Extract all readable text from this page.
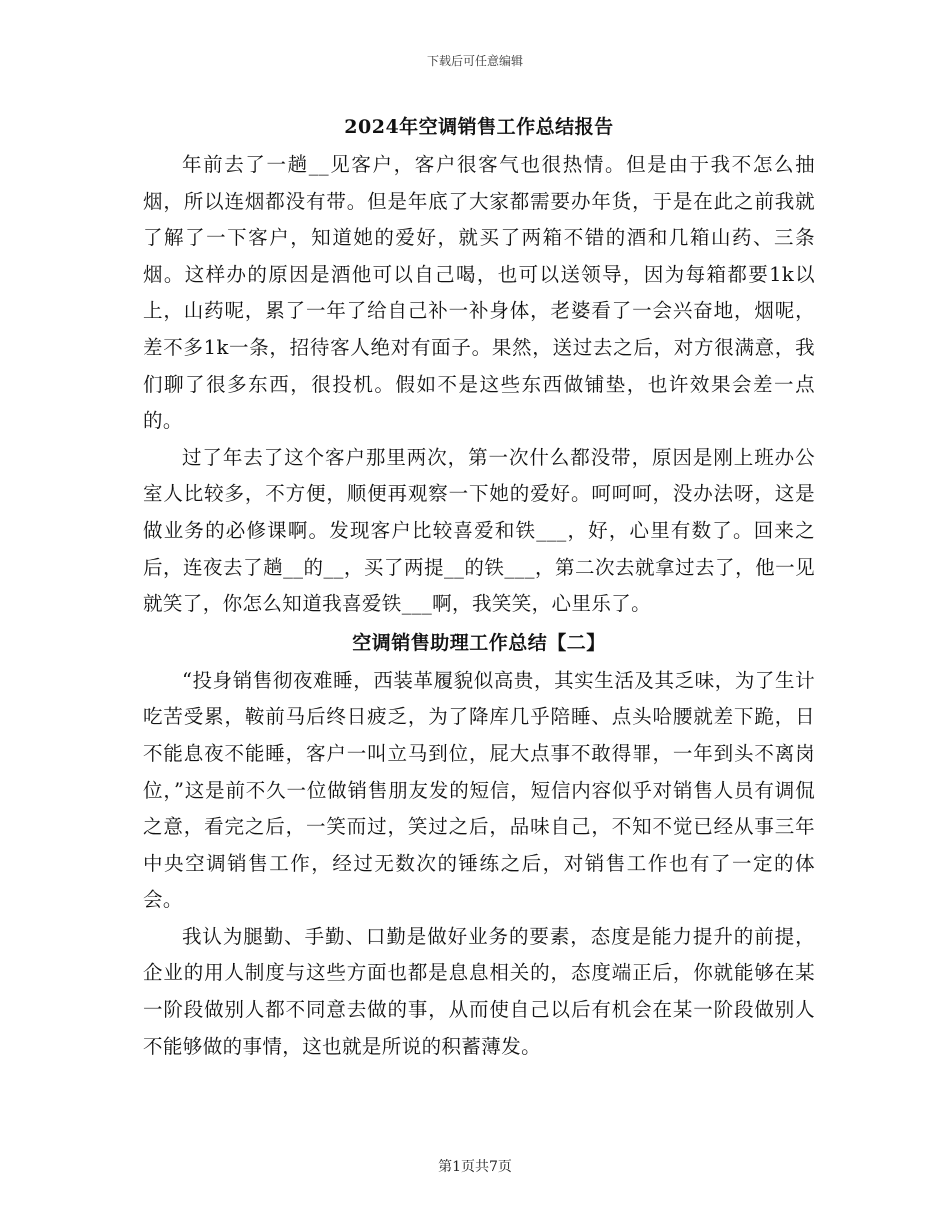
下载后可任意编辑
2024年空调销售工作总结报告

年前去了一趟__见客户，客户很客气也很热情。但是由于我不怎么抽烟，所以连烟都没有带。但是年底了大家都需要办年货，于是在此之前我就了解了一下客户，知道她的爱好，就买了两箱不错的酒和几箱山药、三条烟。这样办的原因是酒他可以自己喝，也可以送领导，因为每箱都要1k以上，山药呢，累了一年了给自己补一补身体，老婆看了一会兴奋地，烟呢，差不多1k一条，招待客人绝对有面子。果然，送过去之后，对方很满意，我们聊了很多东西，很投机。假如不是这些东西做铺垫，也许效果会差一点的。

过了年去了这个客户那里两次，第一次什么都没带，原因是刚上班办公室人比较多，不方便，顺便再观察一下她的爱好。呵呵呵，没办法呀，这是做业务的必修课啊。发现客户比较喜爱和铁___，好，心里有数了。回来之后，连夜去了趟__的__，买了两提__的铁___，第二次去就拿过去了，他一见就笑了，你怎么知道我喜爱铁___啊，我笑笑，心里乐了。

空调销售助理工作总结【二】

“投身销售彻夜难睡，西装革履貌似高贵，其实生活及其乏味，为了生计吃苦受累，鞍前马后终日疲乏，为了降库几乎陪睡、点头哈腰就差下跪，日不能息夜不能睡，客户一叫立马到位，屁大点事不敢得罪，一年到头不离岗位，”这是前不久一位做销售朋友发的短信，短信内容似乎对销售人员有调侃之意，看完之后，一笑而过，笑过之后，品味自己，不知不觉已经从事三年中央空调销售工作，经过无数次的锤练之后，对销售工作也有了一定的体会。

我认为腿勤、手勤、口勤是做好业务的要素，态度是能力提升的前提，企业的用人制度与这些方面也都是息息相关的，态度端正后，你就能够在某一阶段做别人都不同意去做的事，从而使自己以后有机会在某一阶段做别人不能够做的事情，这也就是所说的积蓄薄发。

第1页共7页
